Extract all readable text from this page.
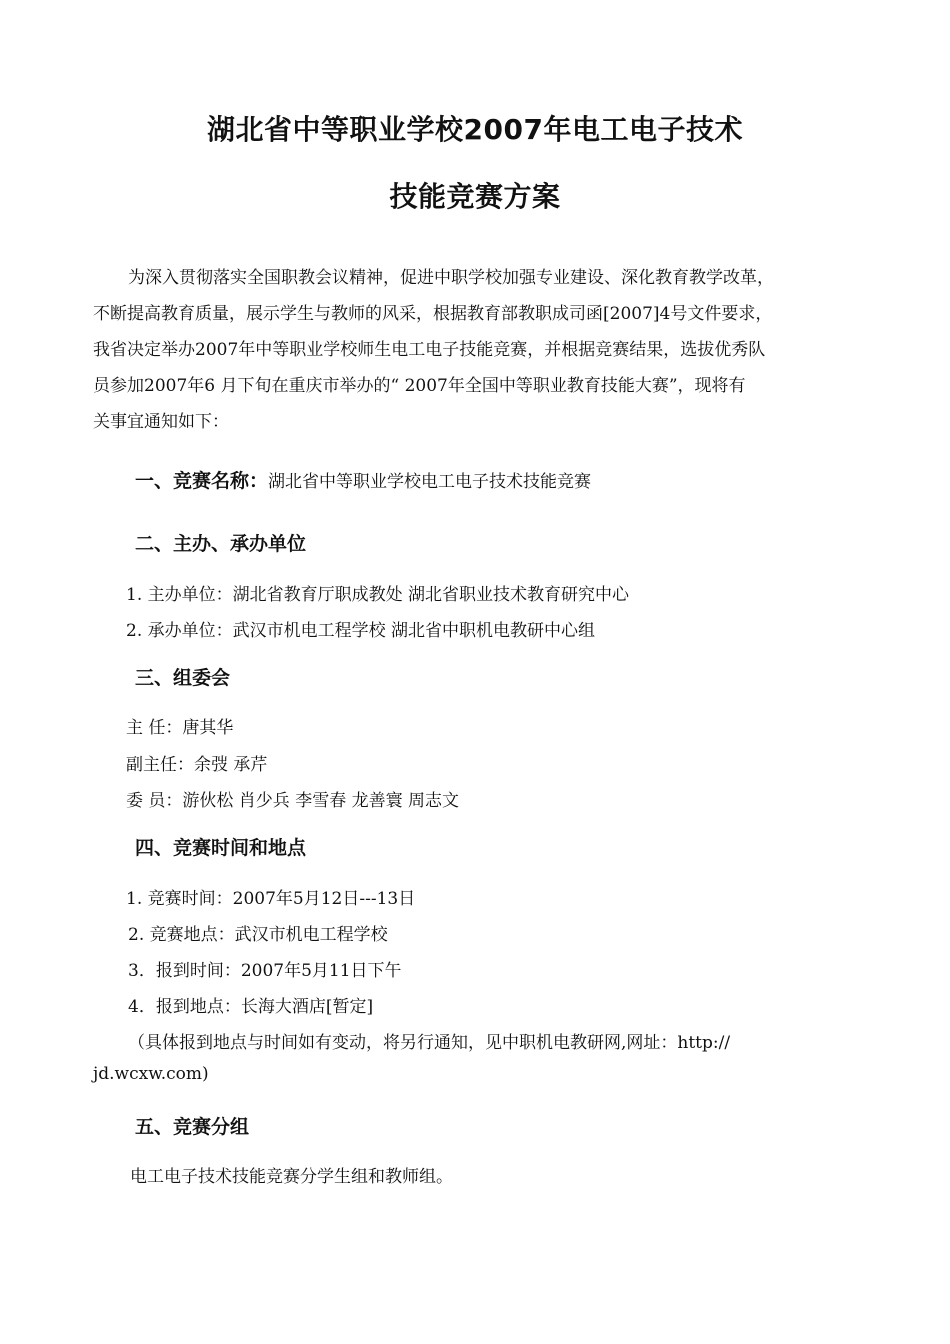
湖北省中等职业学校2007年电工电子技术
技能竞赛方案

为深入贯彻落实全国职教会议精神，促进中职学校加强专业建设、深化教育教学改革，
不断提高教育质量，展示学生与教师的风采，根据教育部教职成司函[2007]4号文件要求，
我省决定举办2007年中等职业学校师生电工电子技能竞赛，并根据竞赛结果，选拔优秀队
员参加2007年6 月下旬在重庆市举办的“ 2007年全国中等职业教育技能大赛”，现将有
关事宜通知如下：

一、竞赛名称：湖北省中等职业学校电工电子技术技能竞赛
二、主办、承办单位
1. 主办单位：湖北省教育厅职成教处 湖北省职业技术教育研究中心
2. 承办单位：武汉市机电工程学校 湖北省中职机电教研中心组
三、组委会
主 任：唐其华
副主任：余弢 承芹
委 员：游伙松 肖少兵 李雪春 龙善寰 周志文
四、竞赛时间和地点
1. 竞赛时间：2007年5月12日---13日
2. 竞赛地点：武汉市机电工程学校
3．报到时间：2007年5月11日下午
4．报到地点：长海大酒店[暂定]
（具体报到地点与时间如有变动，将另行通知，见中职机电教研网,网址：http://
jd.wcxw.com)
五、竞赛分组
电工电子技术技能竞赛分学生组和教师组。
